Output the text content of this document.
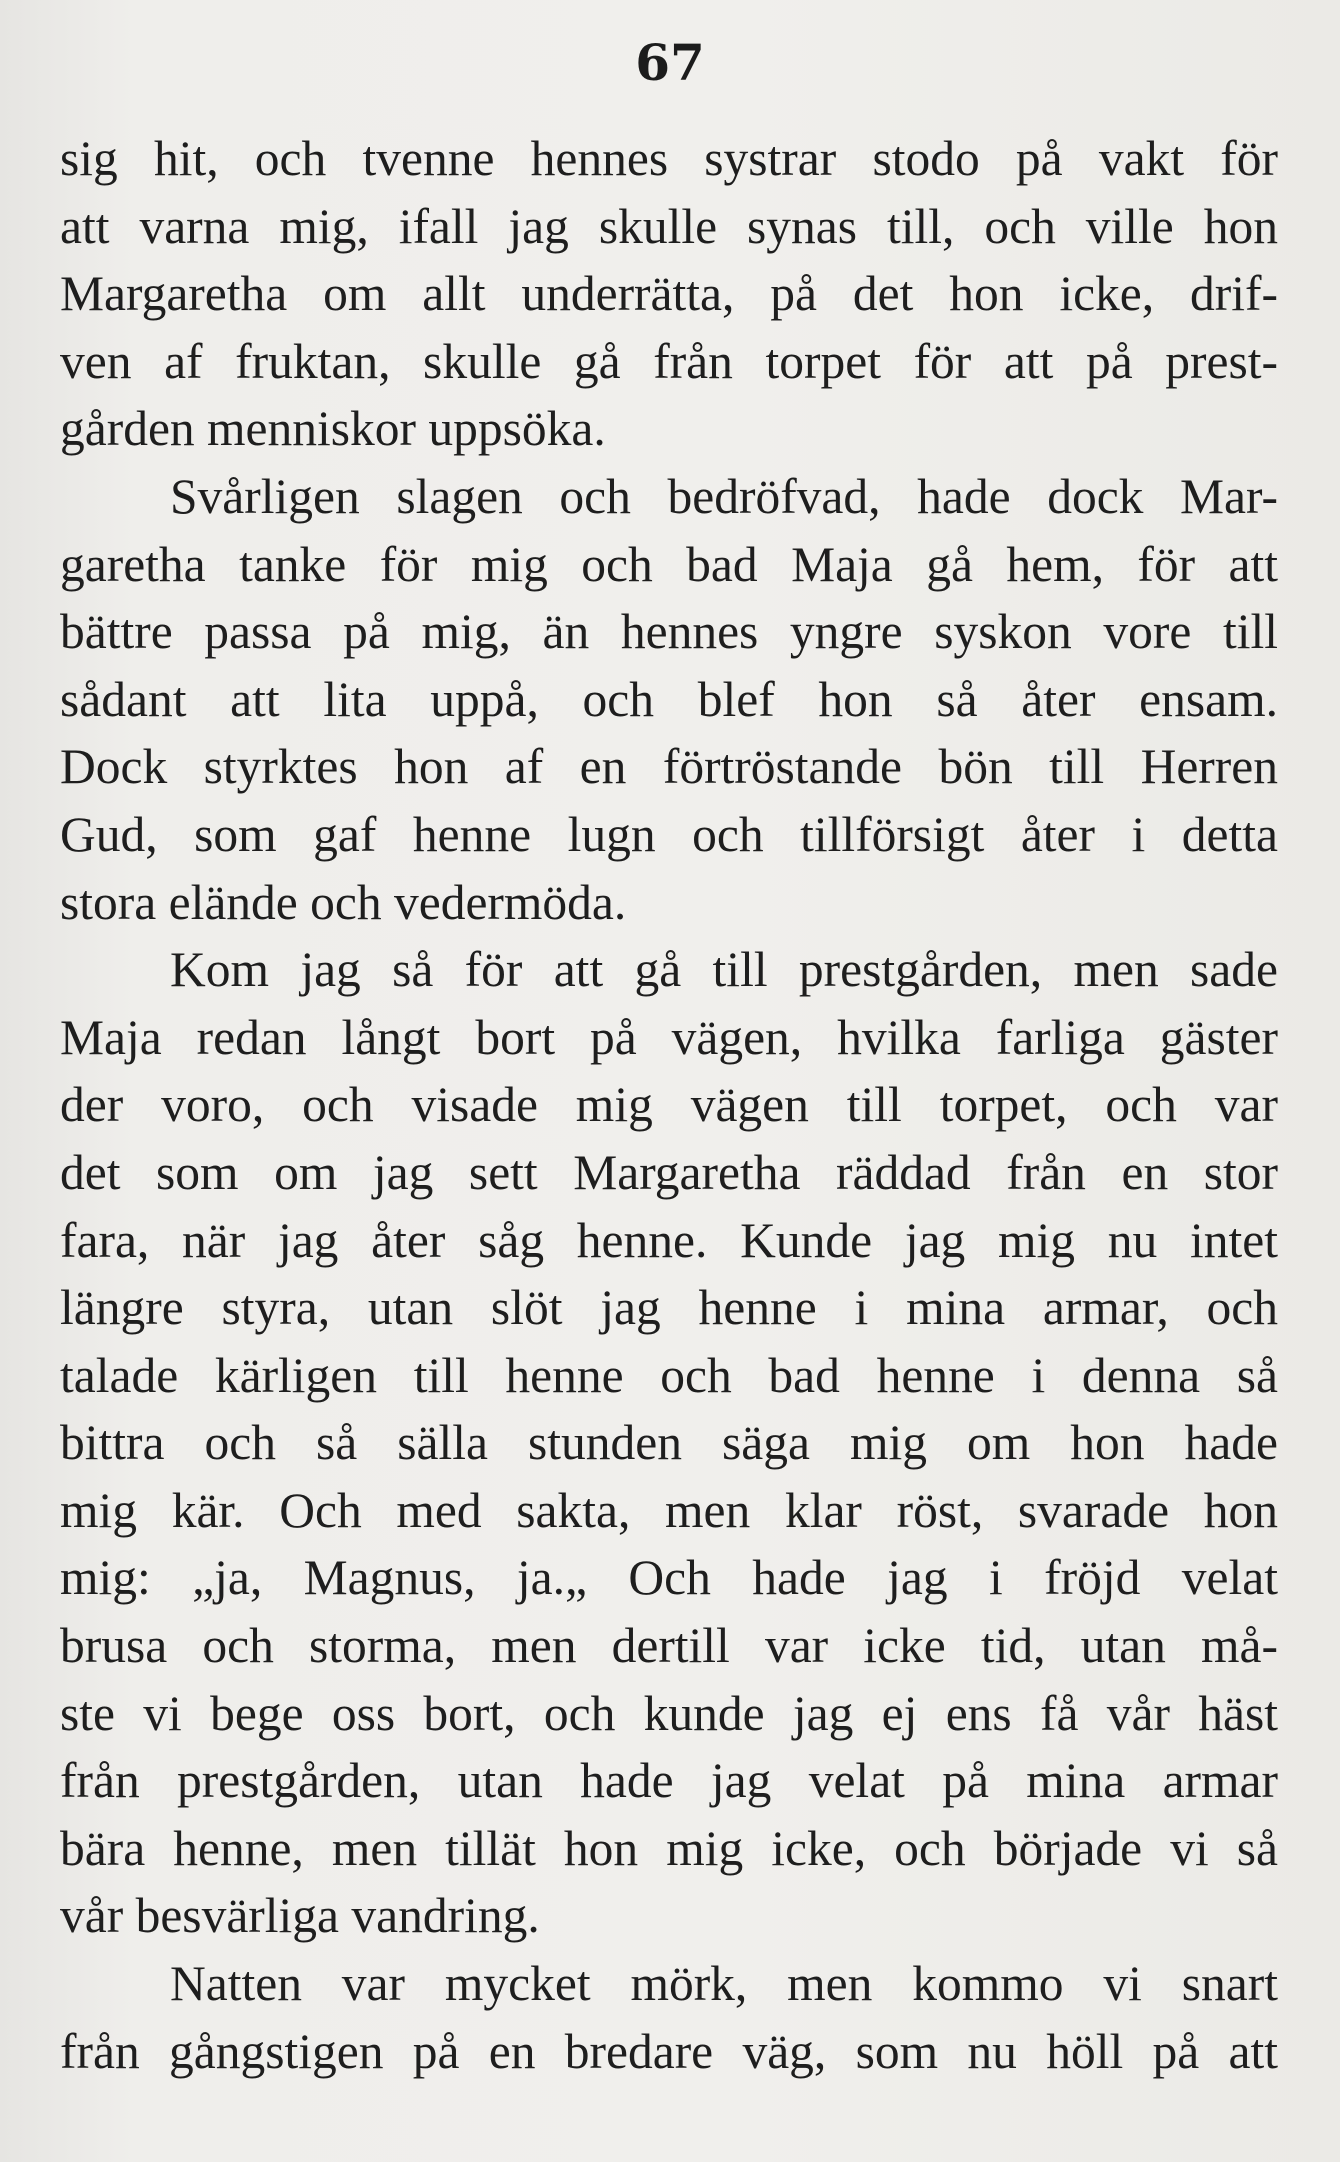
67
sig hit, och tvenne hennes systrar stodo på vakt för
att varna mig, ifall jag skulle synas till, och ville hon
Margaretha om allt underrätta, på det hon icke, drif-
ven af fruktan, skulle gå från torpet för att på prest-
gården menniskor uppsöka.
Svårligen slagen och bedröfvad, hade dock Mar-
garetha tanke för mig och bad Maja gå hem, för att
bättre passa på mig, än hennes yngre syskon vore till
sådant att lita uppå, och blef hon så åter ensam.
Dock styrktes hon af en förtröstande bön till Herren
Gud, som gaf henne lugn och tillförsigt åter i detta
stora elände och vedermöda.
Kom jag så för att gå till prestgården, men sade
Maja redan långt bort på vägen, hvilka farliga gäster
der voro, och visade mig vägen till torpet, och var
det som om jag sett Margaretha räddad från en stor
fara, när jag åter såg henne. Kunde jag mig nu intet
längre styra, utan slöt jag henne i mina armar, och
talade kärligen till henne och bad henne i denna så
bittra och så sälla stunden säga mig om hon hade
mig kär. Och med sakta, men klar röst, svarade hon
mig: „ja, Magnus, ja.„ Och hade jag i fröjd velat
brusa och storma, men dertill var icke tid, utan må-
ste vi bege oss bort, och kunde jag ej ens få vår häst
från prestgården, utan hade jag velat på mina armar
bära henne, men tillät hon mig icke, och började vi så
vår besvärliga vandring.
Natten var mycket mörk, men kommo vi snart
från gångstigen på en bredare väg, som nu höll på att
